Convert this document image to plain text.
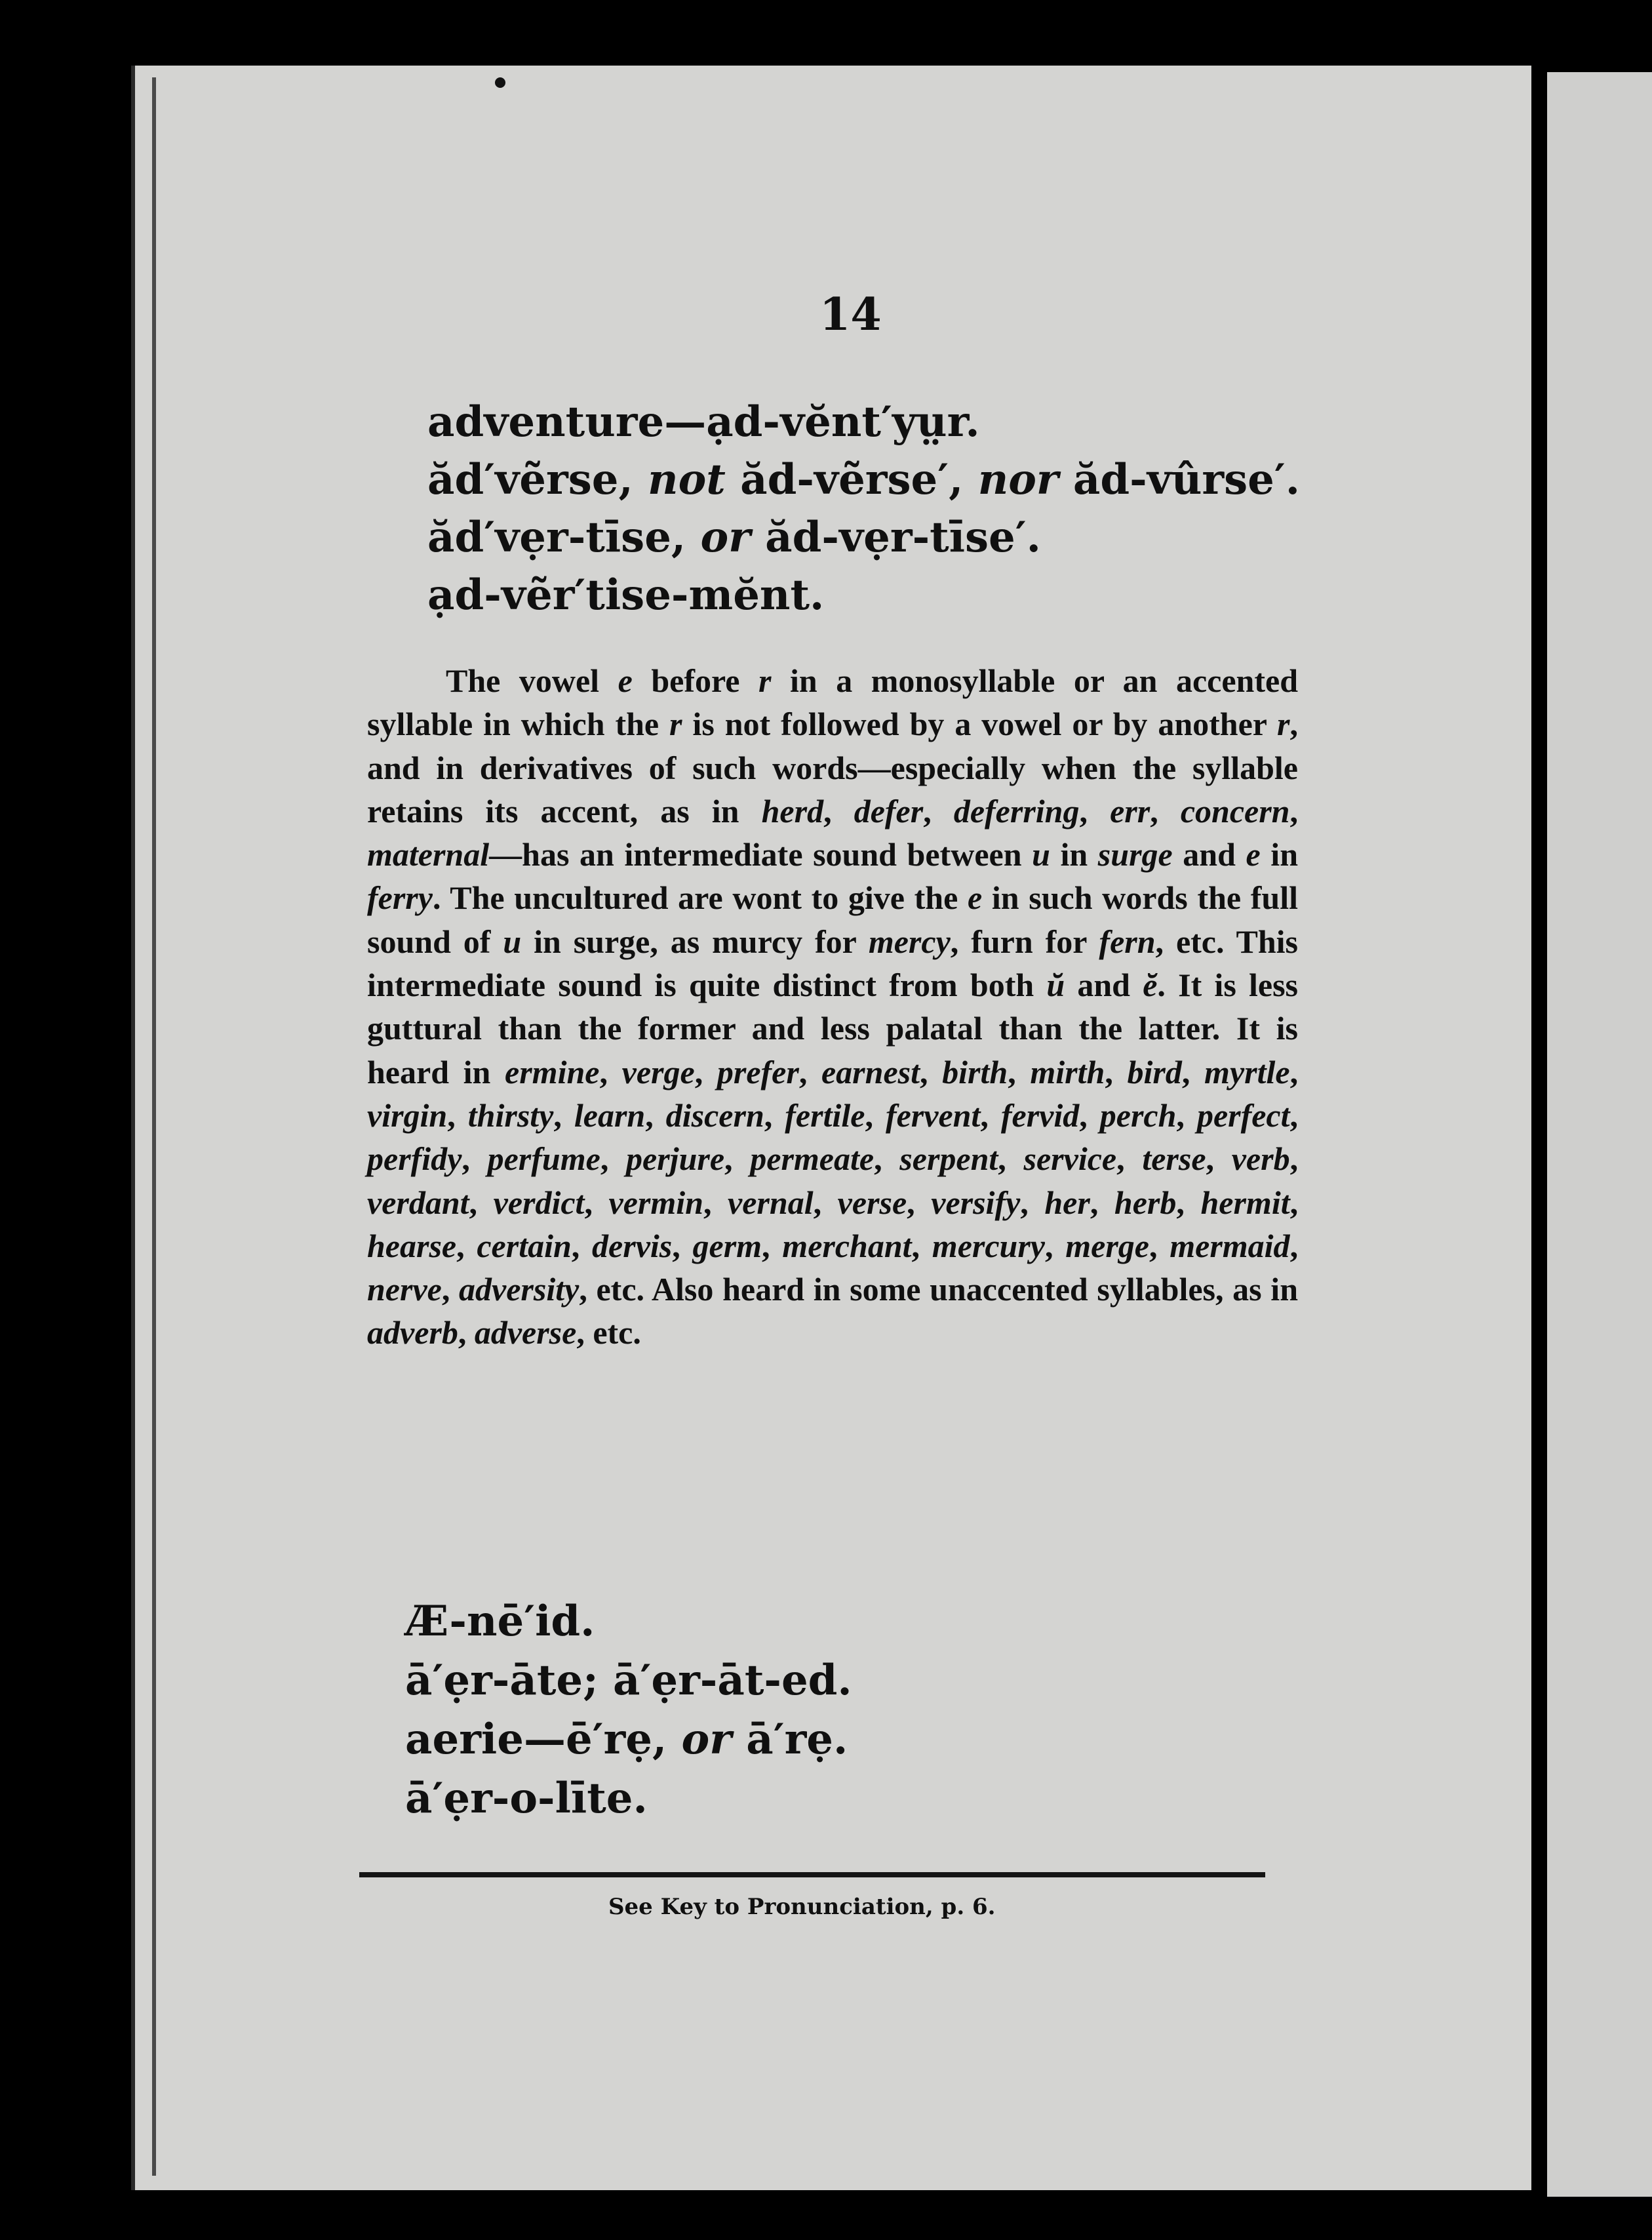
14
adventure—ạd-vĕnt′yṳr.
ăd′vẽrse, not ăd-vẽrse′, nor ăd-vûrse′.
ăd′vẹr-tīse, or ăd-vẹr-tīse′.
ạd-vẽr′tise-mĕnt.

The vowel e before r in a monosyllable or an accented syllable in which the r is not followed by a vowel or by another r, and in derivatives of such words—especially when the syllable retains its accent, as in herd, defer, deferring, err, concern, maternal—has an intermediate sound between u in surge and e in ferry. The uncultured are wont to give the e in such words the full sound of u in surge, as murcy for mercy, furn for fern, etc. This intermediate sound is quite distinct from both ŭ and ĕ. It is less guttural than the former and less palatal than the latter. It is heard in ermine, verge, prefer, earnest, birth, mirth, bird, myrtle, virgin, thirsty, learn, discern, fertile, fervent, fervid, perch, perfect, perfidy, perfume, perjure, permeate, serpent, service, terse, verb, verdant, verdict, vermin, vernal, verse, versify, her, herb, hermit, hearse, certain, dervis, germ, merchant, mercury, merge, mermaid, nerve, adversity, etc. Also heard in some unaccented syllables, as in adverb, adverse, etc.

Æ-nē′id.
ā′ẹr-āte; ā′ẹr-āt-ed.
aerie—ē′rẹ, or ā′rẹ.
ā′ẹr-o-līte.
See Key to Pronunciation, p. 6.
